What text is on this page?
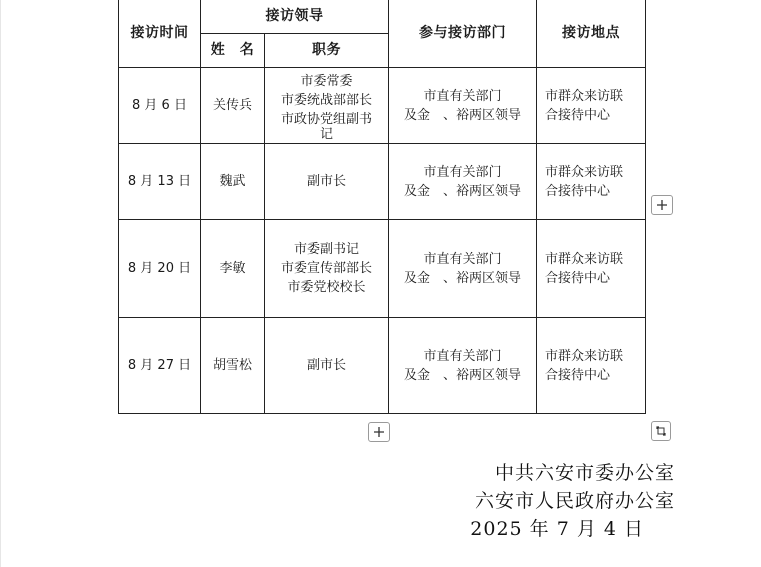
接访时间	接访领导		参与接访部门	接访地点
	姓　名	职务		
8 月 6 日	关传兵	市委常委
市委统战部部长
市政协党组副书
记	市直有关部门
及金　、裕两区领导	市群众来访联
合接待中心

8 月 13 日	魏武	副市长	市直有关部门
及金　、裕两区领导	市群众来访联
合接待中心

8 月 20 日	李敏	市委副书记
市委宣传部部长
市委党校校长	市直有关部门
及金　、裕两区领导	市群众来访联
合接待中心

8 月 27 日	胡雪松	副市长	市直有关部门
及金　、裕两区领导	市群众来访联
合接待中心
中共六安市委办公室
六安市人民政府办公室
2025 年 7 月 4 日
